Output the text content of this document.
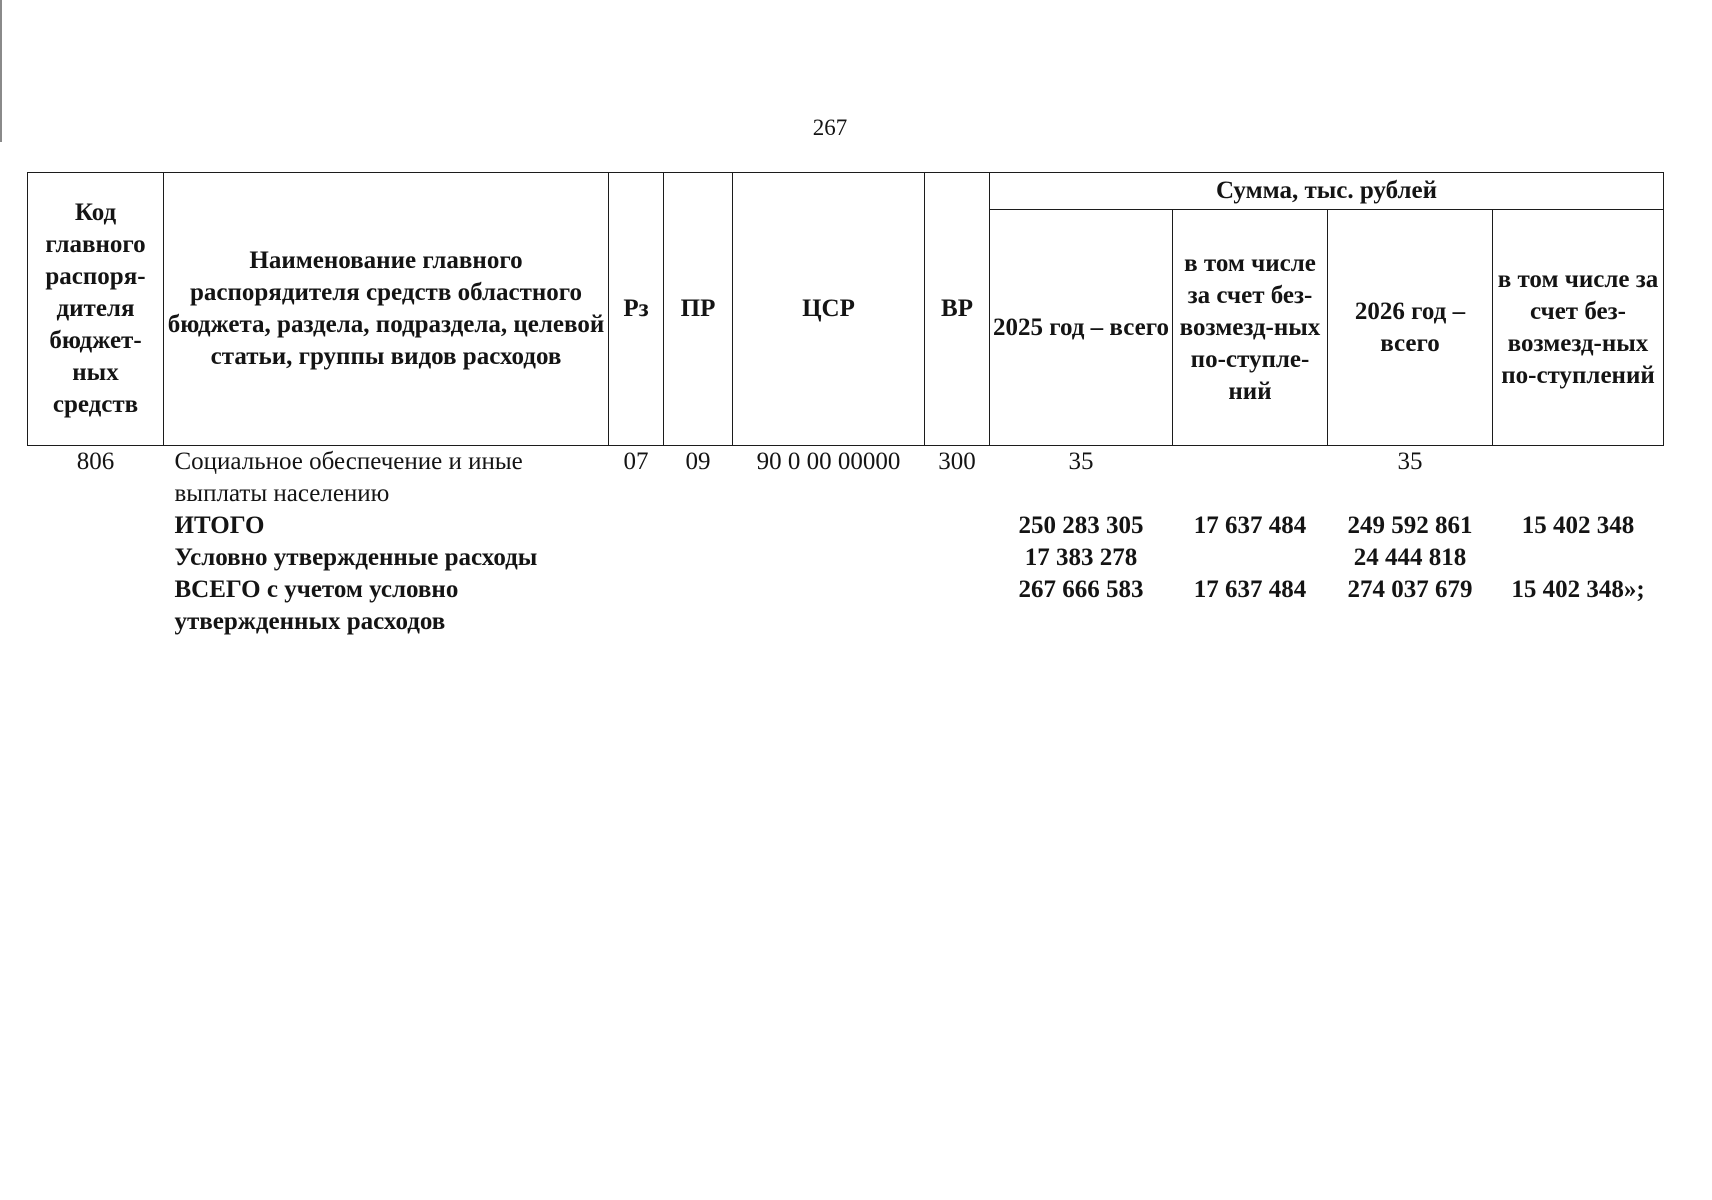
267
Код главного распоря-дителя бюджет-ных средств	Наименование главного распорядителя средств областного бюджета, раздела, подраздела, целевой статьи, группы видов расходов	Рз	ПР	ЦСР	ВР	Сумма, тыс. рублей			
						2025 год – всего	в том числе за счет без-возмезд-ных по-ступле-ний	2026 год – всего	в том числе за счет без-возмезд-ных по-ступлений
806	Социальное обеспечение и иные выплаты населению	07	09	90 0 00 00000	300	35		35	
	ИТОГО					250 283 305	17 637 484	249 592 861	15 402 348
	Условно утвержденные расходы					17 383 278		24 444 818	
	ВСЕГО с учетом условно утвержденных расходов					267 666 583	17 637 484	274 037 679	15 402 348»;
